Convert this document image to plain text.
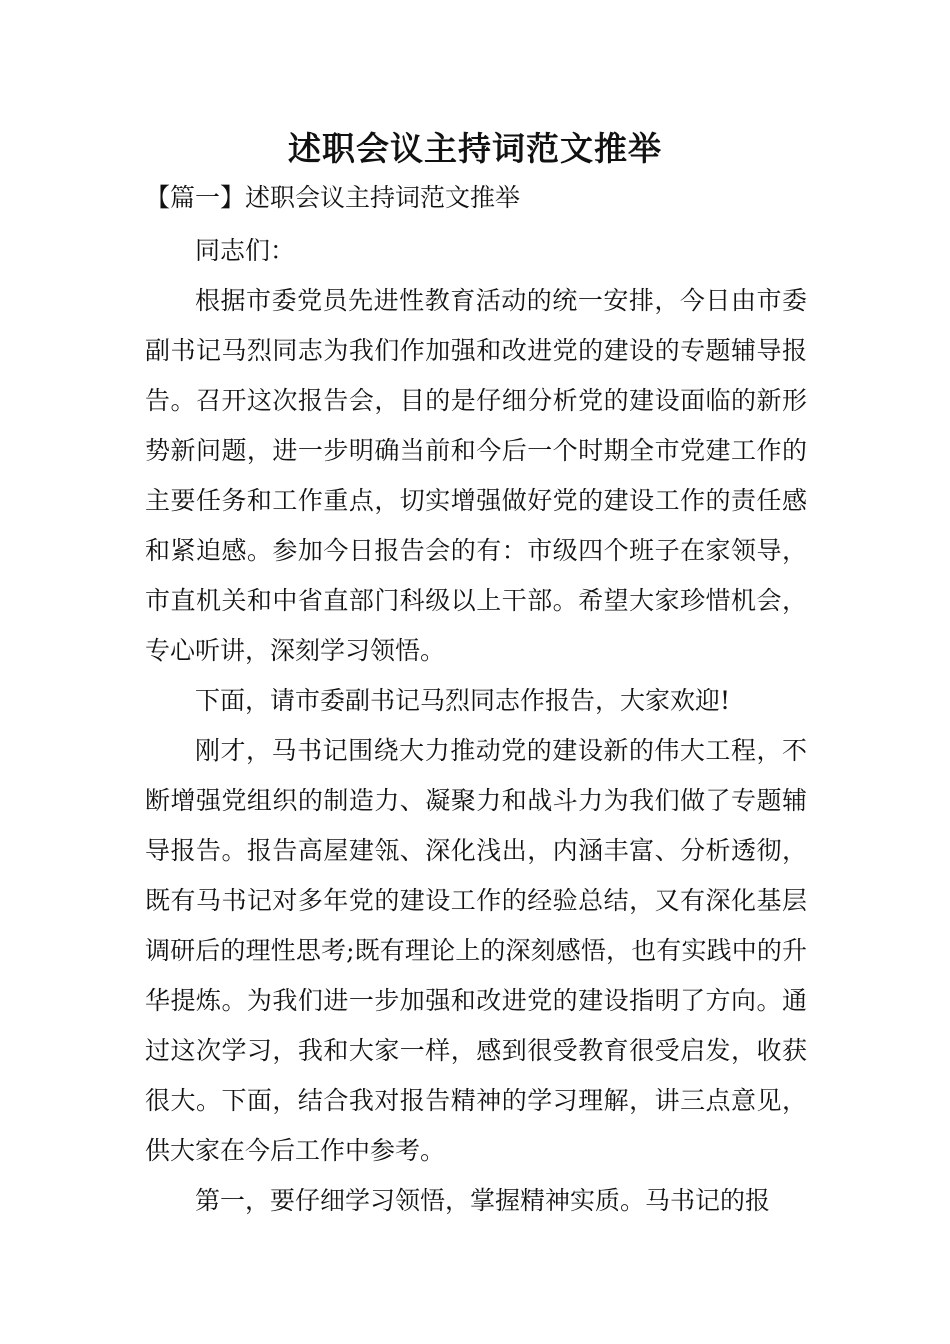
述职会议主持词范文推举
【篇一】述职会议主持词范文推举

同志们：

根据市委党员先进性教育活动的统一安排，今日由市委副书记马烈同志为我们作加强和改进党的建设的专题辅导报告。召开这次报告会，目的是仔细分析党的建设面临的新形势新问题，进一步明确当前和今后一个时期全市党建工作的主要任务和工作重点，切实增强做好党的建设工作的责任感和紧迫感。参加今日报告会的有：市级四个班子在家领导，市直机关和中省直部门科级以上干部。希望大家珍惜机会，专心听讲，深刻学习领悟。

下面，请市委副书记马烈同志作报告，大家欢迎!

刚才，马书记围绕大力推动党的建设新的伟大工程，不断增强党组织的制造力、凝聚力和战斗力为我们做了专题辅导报告。报告高屋建瓴、深化浅出，内涵丰富、分析透彻，既有马书记对多年党的建设工作的经验总结，又有深化基层调研后的理性思考;既有理论上的深刻感悟，也有实践中的升华提炼。为我们进一步加强和改进党的建设指明了方向。通过这次学习，我和大家一样，感到很受教育很受启发，收获很大。下面，结合我对报告精神的学习理解，讲三点意见，供大家在今后工作中参考。

第一，要仔细学习领悟，掌握精神实质。马书记的报
